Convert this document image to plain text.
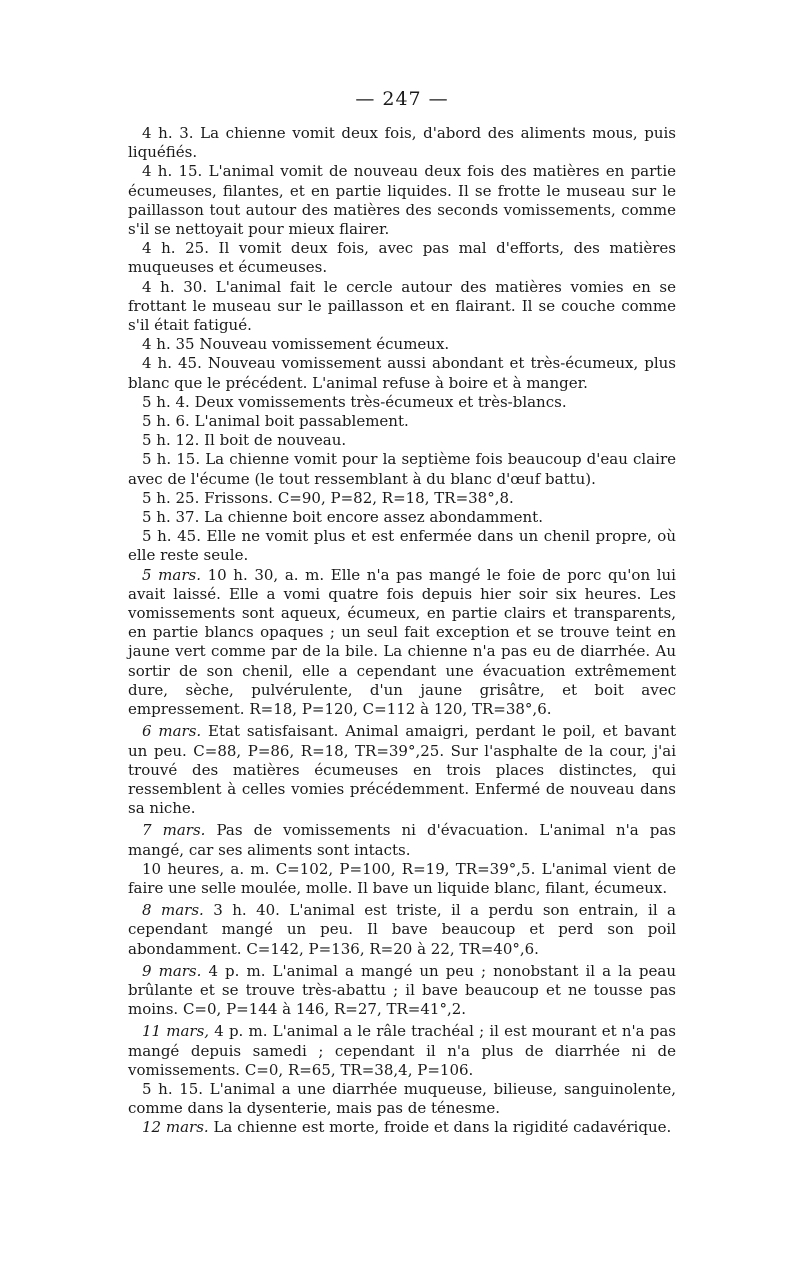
— 247 —

4 h. 3. La chienne vomit deux fois, d'abord des aliments mous, puis liquéfiés.

4 h. 15. L'animal vomit de nouveau deux fois des matières en partie écumeuses, filantes, et en partie liquides. Il se frotte le museau sur le paillasson tout autour des matières des seconds vomissements, comme s'il se nettoyait pour mieux flairer.

4 h. 25. Il vomit deux fois, avec pas mal d'efforts, des matières muqueuses et écumeuses.

4 h. 30. L'animal fait le cercle autour des matières vomies en se frottant le museau sur le paillasson et en flairant. Il se couche comme s'il était fatigué.

4 h. 35 Nouveau vomissement écumeux.

4 h. 45. Nouveau vomissement aussi abondant et très-écumeux, plus blanc que le précédent. L'animal refuse à boire et à manger.

5 h. 4. Deux vomissements très-écumeux et très-blancs.

5 h. 6. L'animal boit passablement.

5 h. 12. Il boit de nouveau.

5 h. 15. La chienne vomit pour la septième fois beaucoup d'eau claire avec de l'écume (le tout ressemblant à du blanc d'œuf battu).

5 h. 25. Frissons. C=90, P=82, R=18, TR=38°,8.

5 h. 37. La chienne boit encore assez abondamment.

5 h. 45. Elle ne vomit plus et est enfermée dans un chenil propre, où elle reste seule.

5 mars. 10 h. 30, a. m. Elle n'a pas mangé le foie de porc qu'on lui avait laissé. Elle a vomi quatre fois depuis hier soir six heures. Les vomissements sont aqueux, écumeux, en partie clairs et transparents, en partie blancs opaques ; un seul fait exception et se trouve teint en jaune vert comme par de la bile. La chienne n'a pas eu de diarrhée. Au sortir de son chenil, elle a cependant une évacuation extrêmement dure, sèche, pulvérulente, d'un jaune grisâtre, et boit avec empressement. R=18, P=120, C=112 à 120, TR=38°,6.

6 mars. Etat satisfaisant. Animal amaigri, perdant le poil, et bavant un peu. C=88, P=86, R=18, TR=39°,25. Sur l'asphalte de la cour, j'ai trouvé des matières écumeuses en trois places distinctes, qui ressemblent à celles vomies précédemment. Enfermé de nouveau dans sa niche.

7 mars. Pas de vomissements ni d'évacuation. L'animal n'a pas mangé, car ses aliments sont intacts.

10 heures, a. m. C=102, P=100, R=19, TR=39°,5. L'animal vient de faire une selle moulée, molle. Il bave un liquide blanc, filant, écumeux.

8 mars. 3 h. 40. L'animal est triste, il a perdu son entrain, il a cependant mangé un peu. Il bave beaucoup et perd son poil abondamment. C=142, P=136, R=20 à 22, TR=40°,6.

9 mars. 4 p. m. L'animal a mangé un peu ; nonobstant il a la peau brûlante et se trouve très-abattu ; il bave beaucoup et ne tousse pas moins. C=0, P=144 à 146, R=27, TR=41°,2.

11 mars, 4 p. m. L'animal a le râle trachéal ; il est mourant et n'a pas mangé depuis samedi ; cependant il n'a plus de diarrhée ni de vomissements. C=0, R=65, TR=38,4, P=106.

5 h. 15. L'animal a une diarrhée muqueuse, bilieuse, sanguinolente, comme dans la dysenterie, mais pas de ténesme.

12 mars. La chienne est morte, froide et dans la rigidité cadavérique.
